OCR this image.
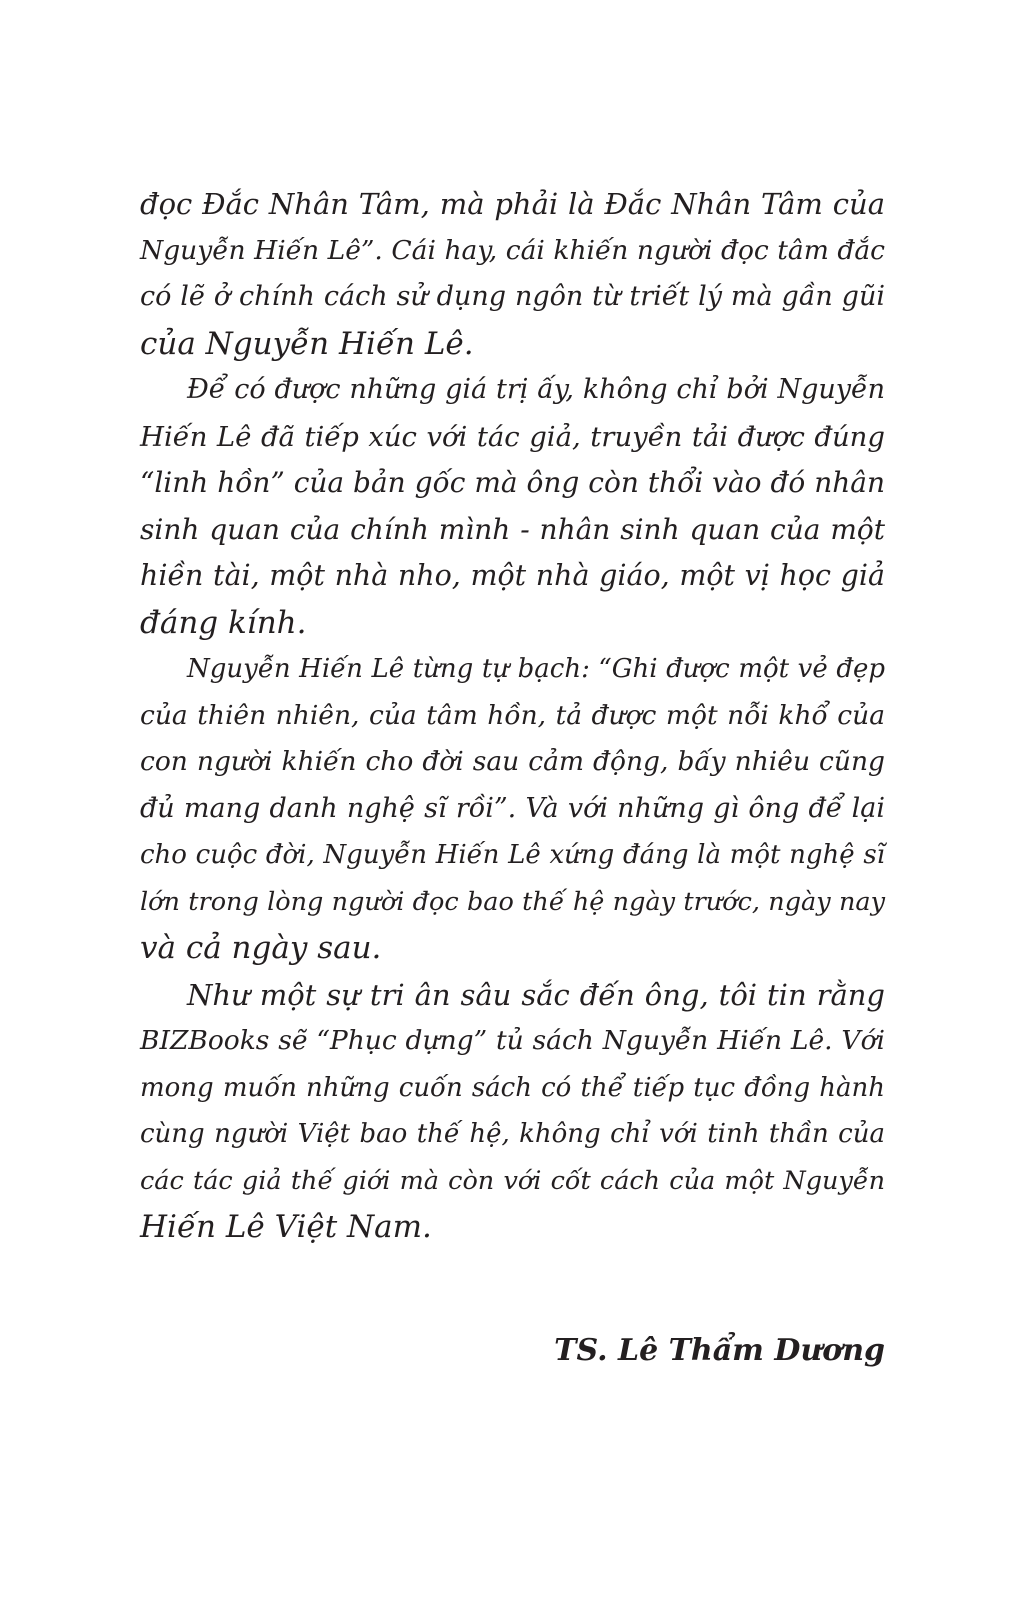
đọc Đắc Nhân Tâm, mà phải là Đắc Nhân Tâm của
Nguyễn Hiến Lê”. Cái hay, cái khiến người đọc tâm đắc
có lẽ ở chính cách sử dụng ngôn từ triết lý mà gần gũi
của Nguyễn Hiến Lê.
Để có được những giá trị ấy, không chỉ bởi Nguyễn
Hiến Lê đã tiếp xúc với tác giả, truyền tải được đúng
“linh hồn” của bản gốc mà ông còn thổi vào đó nhân
sinh quan của chính mình - nhân sinh quan của một
hiền tài, một nhà nho, một nhà giáo, một vị học giả
đáng kính.
Nguyễn Hiến Lê từng tự bạch: “Ghi được một vẻ đẹp
của thiên nhiên, của tâm hồn, tả được một nỗi khổ của
con người khiến cho đời sau cảm động, bấy nhiêu cũng
đủ mang danh nghệ sĩ rồi”. Và với những gì ông để lại
cho cuộc đời, Nguyễn Hiến Lê xứng đáng là một nghệ sĩ
lớn trong lòng người đọc bao thế hệ ngày trước, ngày nay
và cả ngày sau.
Như một sự tri ân sâu sắc đến ông, tôi tin rằng
BIZBooks sẽ “Phục dựng” tủ sách Nguyễn Hiến Lê. Với
mong muốn những cuốn sách có thể tiếp tục đồng hành
cùng người Việt bao thế hệ, không chỉ với tinh thần của
các tác giả thế giới mà còn với cốt cách của một Nguyễn
Hiến Lê Việt Nam.
TS. Lê Thẩm Dương
